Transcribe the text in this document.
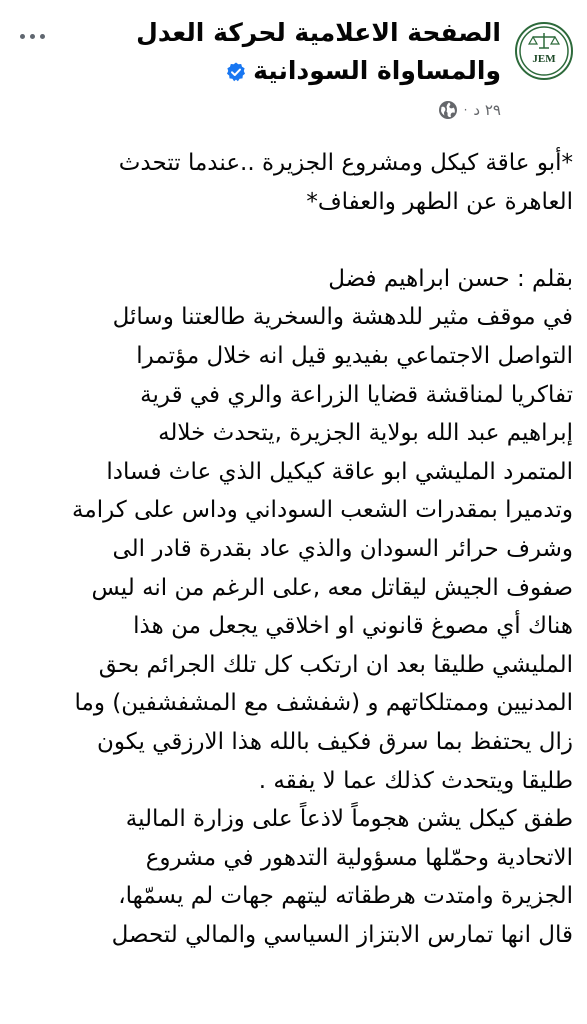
JEM
الصفحة الاعلامية لحركة العدل
والمساواة السودانية
٢٩ د
·
*أبو عاقة كيكل ومشروع الجزيرة ..عندما تتحدث
العاهرة عن الطهر والعفاف*
بقلم : حسن ابراهيم فضل
في موقف مثير للدهشة والسخرية طالعتنا وسائل
التواصل الاجتماعي بفيديو قيل انه خلال مؤتمرا
تفاكريا لمناقشة قضايا الزراعة والري في قرية
إبراهيم عبد الله بولاية الجزيرة ,يتحدث خلاله
المتمرد المليشي ابو عاقة كيكيل الذي عاث فسادا
وتدميرا بمقدرات الشعب السوداني وداس على كرامة
وشرف حرائر السودان والذي عاد بقدرة قادر الى
صفوف الجيش ليقاتل معه ,على الرغم من انه ليس
هناك أي مصوغ قانوني او اخلاقي يجعل من هذا
المليشي طليقا بعد ان ارتكب كل تلك الجرائم بحق
المدنيين وممتلكاتهم و (شفشف مع المشفشفين) وما
زال يحتفظ بما سرق فكيف بالله هذا الارزقي يكون
طليقا ويتحدث كذلك عما لا يفقه .
طفق كيكل يشن هجوماً لاذعاً على وزارة المالية
الاتحادية وحمّلها مسؤولية التدهور في مشروع
الجزيرة وامتدت هرطقاته ليتهم جهات لم يسمّها،
قال انها تمارس الابتزاز السياسي والمالي لتحصل
